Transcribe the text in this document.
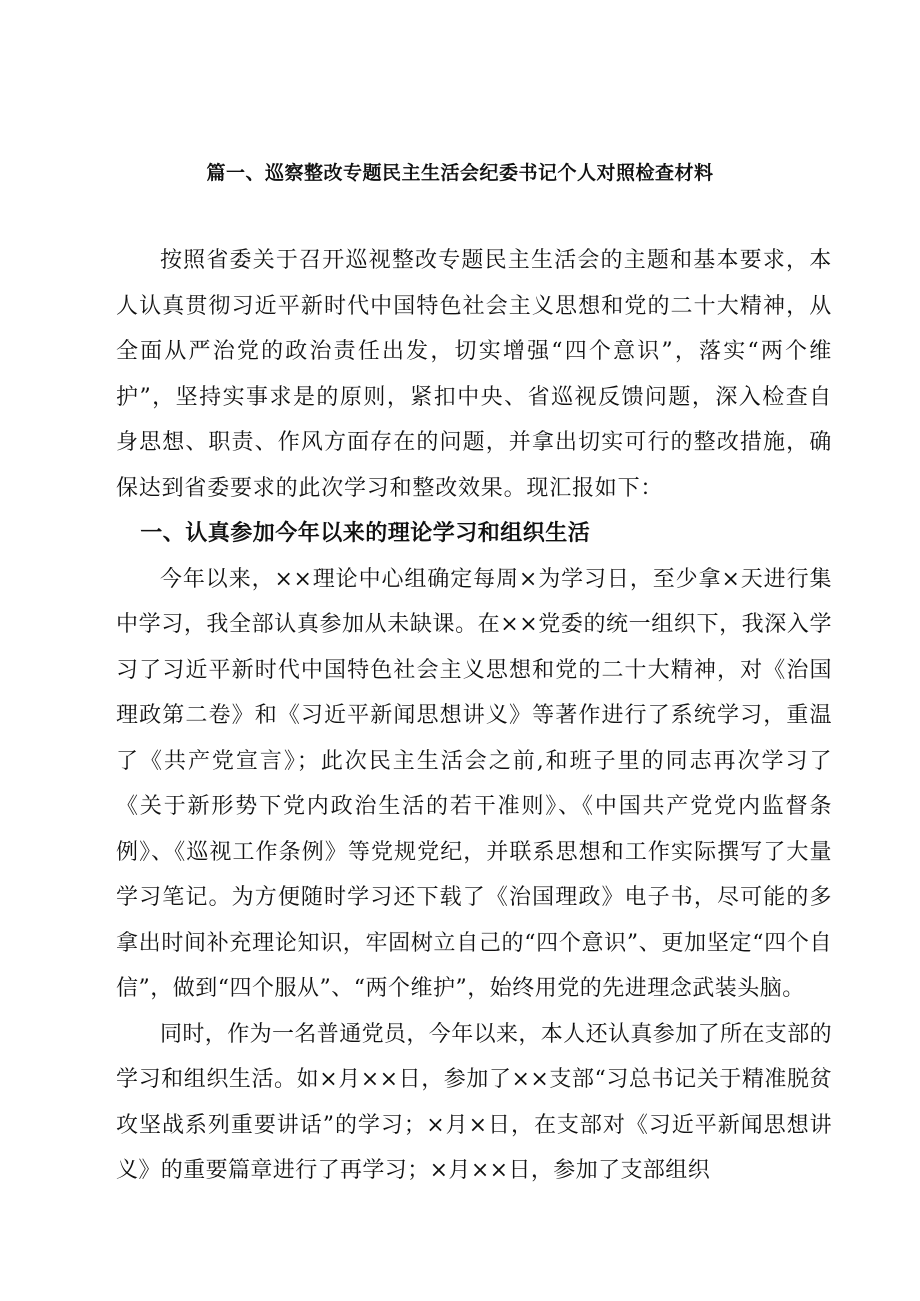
篇一、巡察整改专题民主生活会纪委书记个人对照检查材料

按照省委关于召开巡视整改专题民主生活会的主题和基本要求，本人认真贯彻习近平新时代中国特色社会主义思想和党的二十大精神，从全面从严治党的政治责任出发，切实增强“四个意识”，落实“两个维护”，坚持实事求是的原则，紧扣中央、省巡视反馈问题，深入检查自身思想、职责、作风方面存在的问题，并拿出切实可行的整改措施，确保达到省委要求的此次学习和整改效果。现汇报如下：

一、认真参加今年以来的理论学习和组织生活

今年以来，××理论中心组确定每周×为学习日，至少拿×天进行集中学习，我全部认真参加从未缺课。在××党委的统一组织下，我深入学习了习近平新时代中国特色社会主义思想和党的二十大精神，对《治国理政第二卷》和《习近平新闻思想讲义》等著作进行了系统学习，重温了《共产党宣言》；此次民主生活会之前,和班子里的同志再次学习了《关于新形势下党内政治生活的若干准则》、《中国共产党党内监督条例》、《巡视工作条例》等党规党纪，并联系思想和工作实际撰写了大量学习笔记。为方便随时学习还下载了《治国理政》电子书，尽可能的多拿出时间补充理论知识，牢固树立自己的“四个意识”、更加坚定“四个自信”，做到“四个服从”、“两个维护”，始终用党的先进理念武装头脑。

同时，作为一名普通党员，今年以来，本人还认真参加了所在支部的学习和组织生活。如×月××日，参加了××支部“习总书记关于精准脱贫攻坚战系列重要讲话”的学习；×月×日，在支部对《习近平新闻思想讲义》的重要篇章进行了再学习；×月××日，参加了支部组织
